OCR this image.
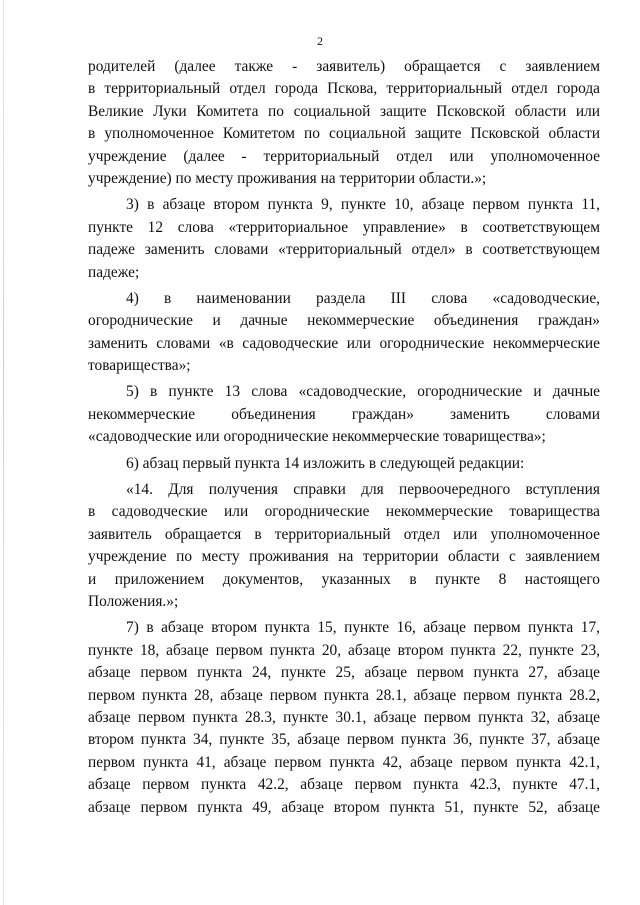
2
родителей (далее также - заявитель) обращается с заявлением
в территориальный отдел города Пскова, территориальный отдел города
Великие Луки Комитета по социальной защите Псковской области или
в уполномоченное Комитетом по социальной защите Псковской области
учреждение (далее - территориальный отдел или уполномоченное
учреждение) по месту проживания на территории области.»;
3) в абзаце втором пункта 9, пункте 10, абзаце первом пункта 11,
пункте 12 слова «территориальное управление» в соответствующем
падеже заменить словами «территориальный отдел» в соответствующем
падеже;
4) в наименовании раздела III слова «садоводческие,
огороднические и дачные некоммерческие объединения граждан»
заменить словами «в садоводческие или огороднические некоммерческие
товарищества»;
5) в пункте 13 слова «садоводческие, огороднические и дачные
некоммерческие объединения граждан» заменить словами
«садоводческие или огороднические некоммерческие товарищества»;
6) абзац первый пункта 14 изложить в следующей редакции:
«14. Для получения справки для первоочередного вступления
в садоводческие или огороднические некоммерческие товарищества
заявитель обращается в территориальный отдел или уполномоченное
учреждение по месту проживания на территории области с заявлением
и приложением документов, указанных в пункте 8 настоящего
Положения.»;
7) в абзаце втором пункта 15, пункте 16, абзаце первом пункта 17,
пункте 18, абзаце первом пункта 20, абзаце втором пункта 22, пункте 23,
абзаце первом пункта 24, пункте 25, абзаце первом пункта 27, абзаце
первом пункта 28, абзаце первом пункта 28.1, абзаце первом пункта 28.2,
абзаце первом пункта 28.3, пункте 30.1, абзаце первом пункта 32, абзаце
втором пункта 34, пункте 35, абзаце первом пункта 36, пункте 37, абзаце
первом пункта 41, абзаце первом пункта 42, абзаце первом пункта 42.1,
абзаце первом пункта 42.2, абзаце первом пункта 42.3, пункте 47.1,
абзаце первом пункта 49, абзаце втором пункта 51, пункте 52, абзаце
